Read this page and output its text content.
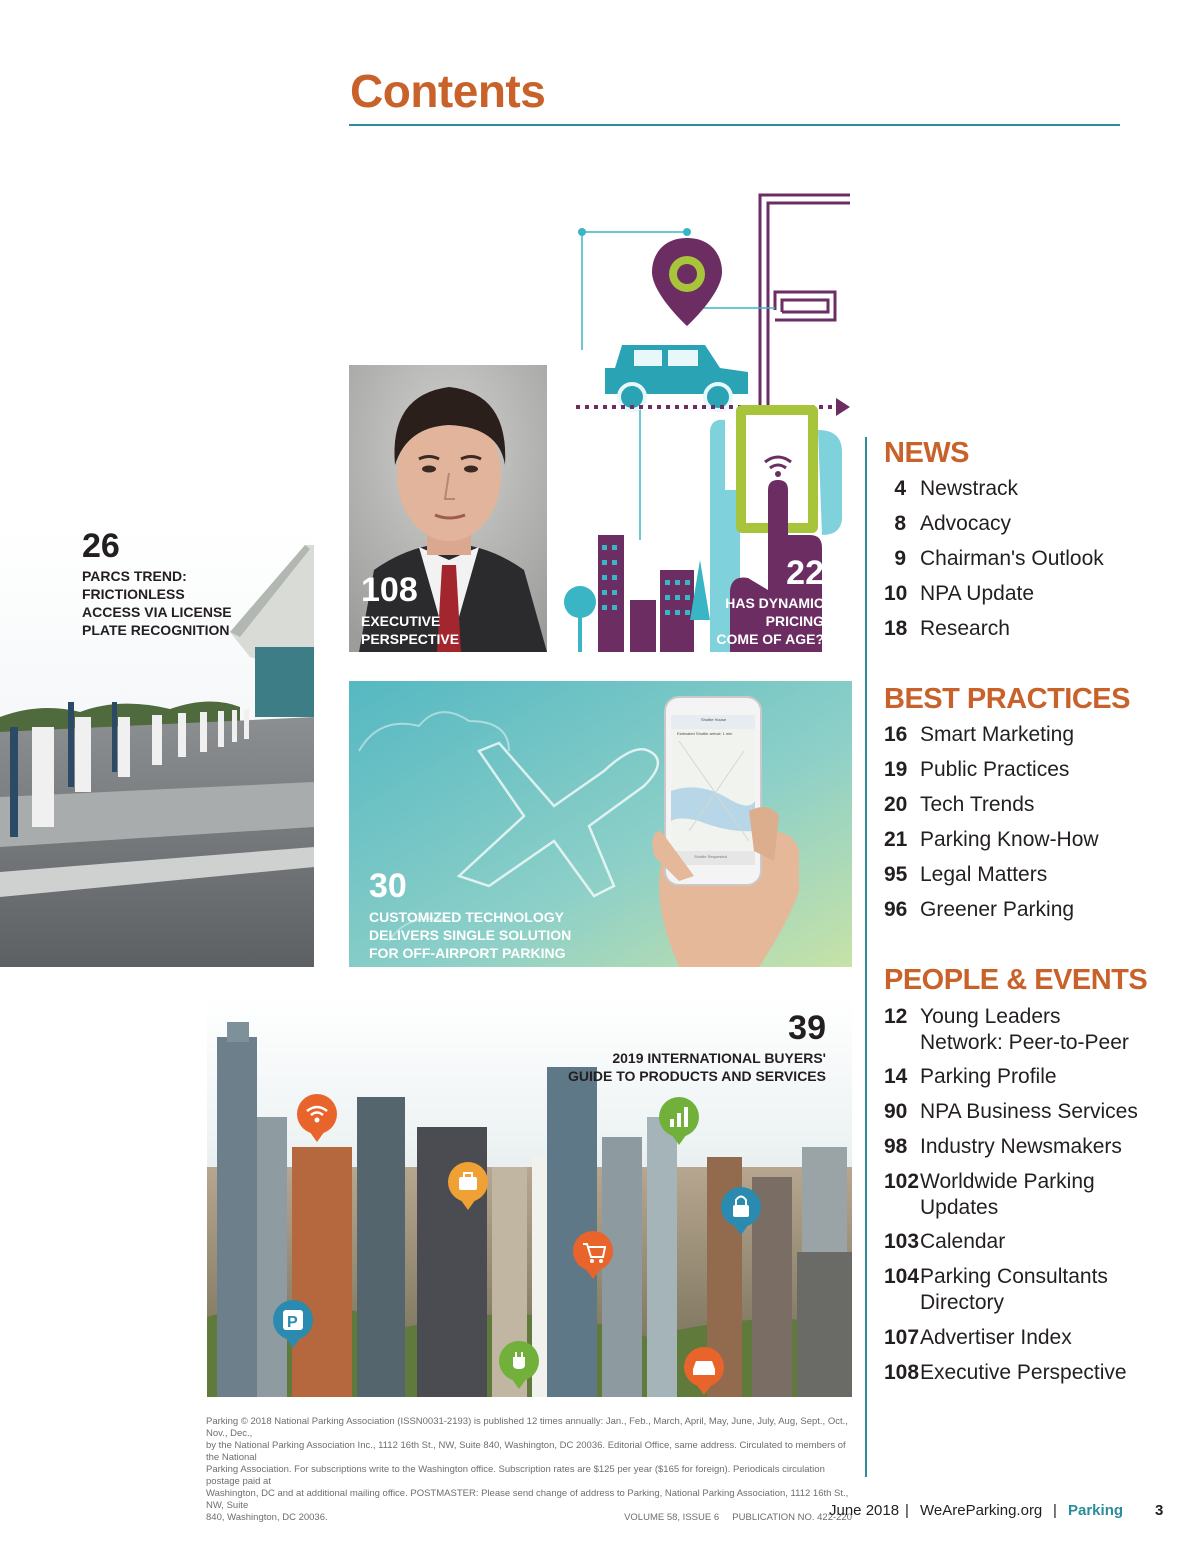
Contents
26
PARCS TREND:
FRICTIONLESS
ACCESS VIA LICENSE
PLATE RECOGNITION
108
EXECUTIVE
PERSPECTIVE
22
HAS DYNAMIC
PRICING
COME OF AGE?
Shuttle House
Estimated Shuttle arrival: 1 min
Shuttle Requested
30
CUSTOMIZED TECHNOLOGY
DELIVERS SINGLE SOLUTION
FOR OFF-AIRPORT PARKING
P
39
2019 INTERNATIONAL BUYERS'
GUIDE TO PRODUCTS AND SERVICES
NEWS
4 Newstrack
8 Advocacy
9 Chairman's Outlook
10 NPA Update
18 Research
BEST PRACTICES
16 Smart Marketing
19 Public Practices
20 Tech Trends
21 Parking Know-How
95 Legal Matters
96 Greener Parking
PEOPLE & EVENTS
12 Young Leaders
Network: Peer-to-Peer
14 Parking Profile
90 NPA Business Services
98 Industry Newsmakers
102 Worldwide Parking
Updates
103 Calendar
104 Parking Consultants
Directory
107 Advertiser Index
108 Executive Perspective
Parking © 2018 National Parking Association (ISSN0031-2193) is published 12 times annually: Jan., Feb., March, April, May, June, July, Aug, Sept., Oct., Nov., Dec.,
by the National Parking Association Inc., 1112 16th St., NW, Suite 840, Washington, DC 20036. Editorial Office, same address. Circulated to members of the National
Parking Association. For subscriptions write to the Washington office. Subscription rates are $125 per year ($165 for foreign). Periodicals circulation postage paid at
Washington, DC and at additional mailing office. POSTMASTER: Please send change of address to Parking, National Parking Association, 1112 16th St., NW, Suite
840, Washington, DC 20036.	VOLUME 58, ISSUE 6     PUBLICATION NO. 422-220
June 2018 | WeAreParking.org | Parking 3
